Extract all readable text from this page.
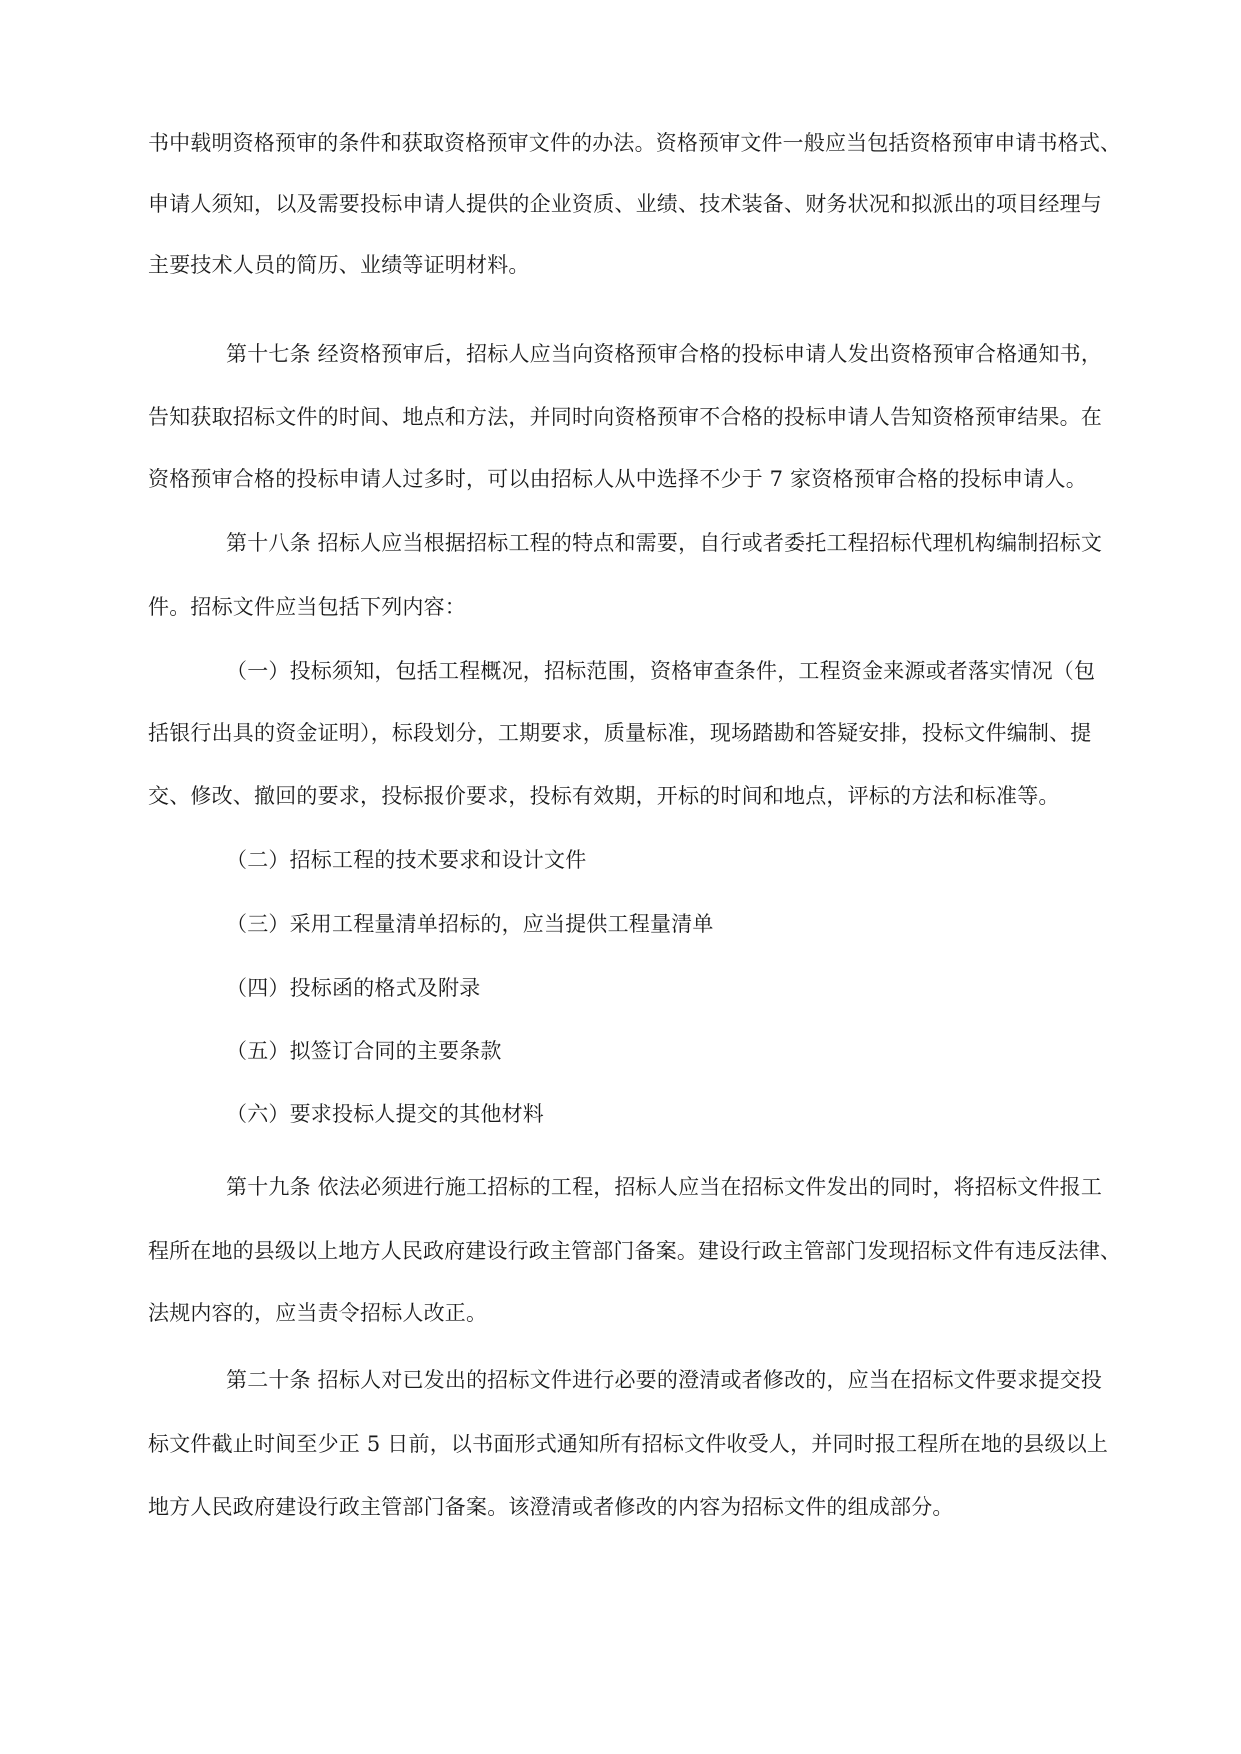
书中载明资格预审的条件和获取资格预审文件的办法。资格预审文件一般应当包括资格预审申请书格式、
申请人须知，以及需要投标申请人提供的企业资质、业绩、技术装备、财务状况和拟派出的项目经理与
主要技术人员的简历、业绩等证明材料。
第十七条 经资格预审后，招标人应当向资格预审合格的投标申请人发出资格预审合格通知书，
告知获取招标文件的时间、地点和方法，并同时向资格预审不合格的投标申请人告知资格预审结果。在
资格预审合格的投标申请人过多时，可以由招标人从中选择不少于 7 家资格预审合格的投标申请人。
第十八条 招标人应当根据招标工程的特点和需要，自行或者委托工程招标代理机构编制招标文
件。招标文件应当包括下列内容：
（一）投标须知，包括工程概况，招标范围，资格审查条件，工程资金来源或者落实情况（包
括银行出具的资金证明），标段划分，工期要求，质量标准，现场踏勘和答疑安排，投标文件编制、提
交、修改、撤回的要求，投标报价要求，投标有效期，开标的时间和地点，评标的方法和标准等。
（二）招标工程的技术要求和设计文件
（三）采用工程量清单招标的，应当提供工程量清单
（四）投标函的格式及附录
（五）拟签订合同的主要条款
（六）要求投标人提交的其他材料
第十九条 依法必须进行施工招标的工程，招标人应当在招标文件发出的同时，将招标文件报工
程所在地的县级以上地方人民政府建设行政主管部门备案。建设行政主管部门发现招标文件有违反法律、
法规内容的，应当责令招标人改正。
第二十条 招标人对已发出的招标文件进行必要的澄清或者修改的，应当在招标文件要求提交投
标文件截止时间至少正 5 日前，以书面形式通知所有招标文件收受人，并同时报工程所在地的县级以上
地方人民政府建设行政主管部门备案。该澄清或者修改的内容为招标文件的组成部分。
